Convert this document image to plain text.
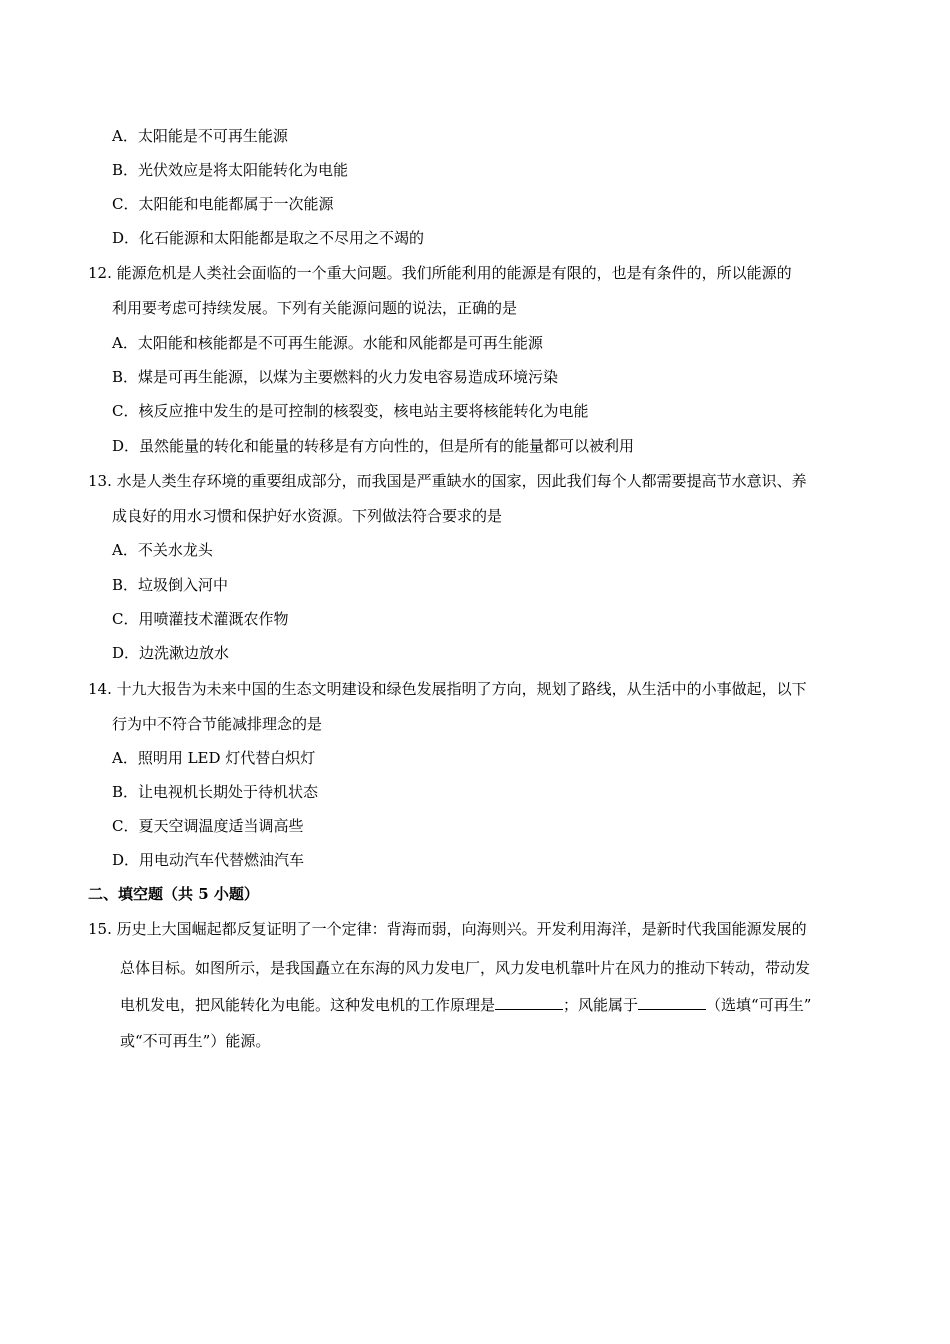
A．太阳能是不可再生能源
B．光伏效应是将太阳能转化为电能
C．太阳能和电能都属于一次能源
D．化石能源和太阳能都是取之不尽用之不竭的
12. 能源危机是人类社会面临的一个重大问题。我们所能利用的能源是有限的，也是有条件的，所以能源的
利用要考虑可持续发展。下列有关能源问题的说法，正确的是
A．太阳能和核能都是不可再生能源。水能和风能都是可再生能源
B．煤是可再生能源，以煤为主要燃料的火力发电容易造成环境污染
C．核反应推中发生的是可控制的核裂变，核电站主要将核能转化为电能
D．虽然能量的转化和能量的转移是有方向性的，但是所有的能量都可以被利用
13. 水是人类生存环境的重要组成部分，而我国是严重缺水的国家，因此我们每个人都需要提高节水意识、养
成良好的用水习惯和保护好水资源。下列做法符合要求的是
A．不关水龙头
B．垃圾倒入河中
C．用喷灌技术灌溉农作物
D．边洗漱边放水
14. 十九大报告为未来中国的生态文明建设和绿色发展指明了方向，规划了路线，从生活中的小事做起，以下
行为中不符合节能减排理念的是
A．照明用 LED 灯代替白炽灯
B．让电视机长期处于待机状态
C．夏天空调温度适当调高些
D．用电动汽车代替燃油汽车
二、填空题（共 5 小题）
15. 历史上大国崛起都反复证明了一个定律：背海而弱，向海则兴。开发利用海洋，是新时代我国能源发展的
总体目标。如图所示，是我国矗立在东海的风力发电厂，风力发电机靠叶片在风力的推动下转动，带动发
电机发电，把风能转化为电能。这种发电机的工作原理是	；风能属于	（选填“可再生”
或“不可再生”）能源。
